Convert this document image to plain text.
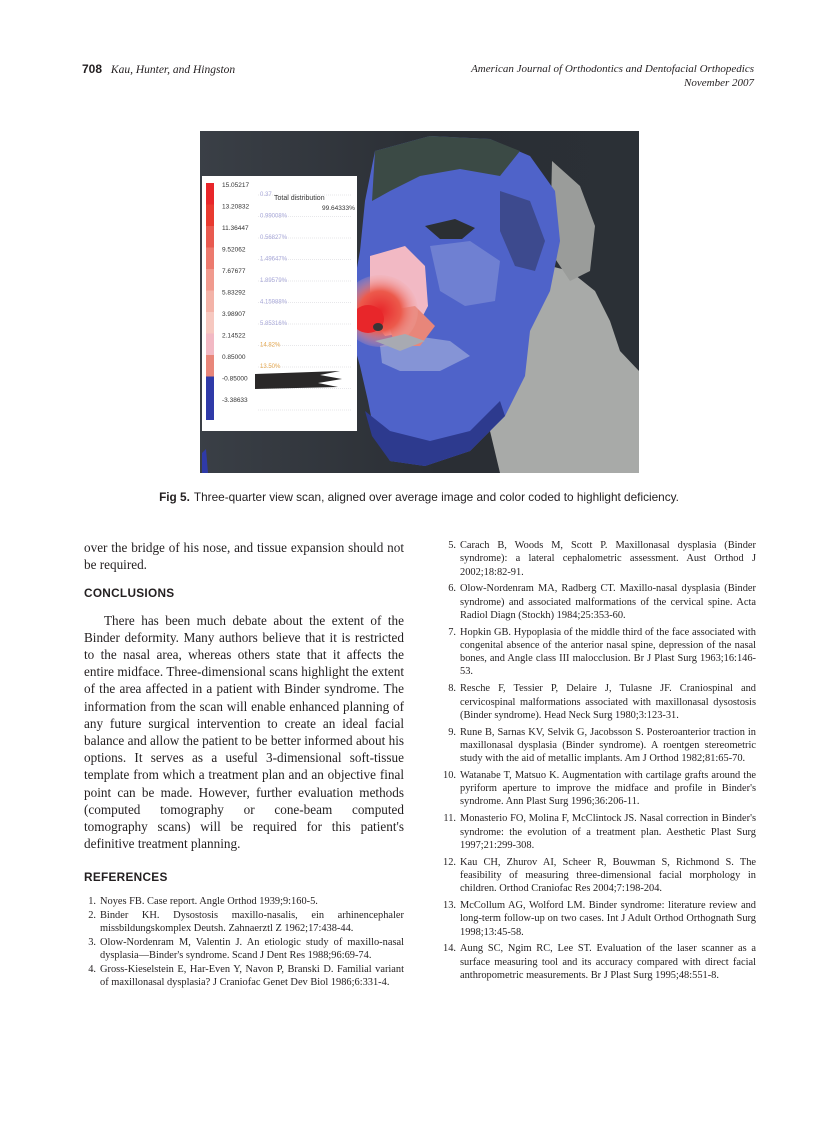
708 Kau, Hunter, and Hingston	American Journal of Orthodontics and Dentofacial Orthopedics
November 2007
15.05217
13.20832
11.36447
9.52062
7.67677
5.83292
3.98907
2.14522
0.85000
-0.85000
-3.38633
0.37
0.99008%
0.56827%
1.49647%
1.89579%
4.15988%
5.85316%
14.82%
13.50%
Total distribution
99.64333%
Fig 5. Three-quarter view scan, aligned over average image and color coded to highlight deficiency.

over the bridge of his nose, and tissue expansion should not be required.

CONCLUSIONS

There has been much debate about the extent of the Binder deformity. Many authors believe that it is restricted to the nasal area, whereas others state that it affects the entire midface. Three-dimensional scans highlight the extent of the area affected in a patient with Binder syndrome. The information from the scan will enable enhanced planning of any future surgical intervention to create an ideal facial balance and allow the patient to be better informed about his options. It serves as a useful 3-dimensional soft-tissue template from which a treatment plan and an objective final point can be made. However, further evaluation methods (computed tomography or cone-beam computed tomography scans) will be required for this patient's definitive treatment planning.

REFERENCES
1. Noyes FB. Case report. Angle Orthod 1939;9:160-5.
2. Binder KH. Dysostosis maxillo-nasalis, ein arhinencephaler missbildungskomplex Deutsh. Zahnaerztl Z 1962;17:438-44.
3. Olow-Nordenram M, Valentin J. An etiologic study of maxillo-nasal dysplasia—Binder's syndrome. Scand J Dent Res 1988;96:69-74.
4. Gross-Kieselstein E, Har-Even Y, Navon P, Branski D. Familial variant of maxillonasal dysplasia? J Craniofac Genet Dev Biol 1986;6:331-4.
5. Carach B, Woods M, Scott P. Maxillonasal dysplasia (Binder syndrome): a lateral cephalometric assessment. Aust Orthod J 2002;18:82-91.
6. Olow-Nordenram MA, Radberg CT. Maxillo-nasal dysplasia (Binder syndrome) and associated malformations of the cervical spine. Acta Radiol Diagn (Stockh) 1984;25:353-60.
7. Hopkin GB. Hypoplasia of the middle third of the face associated with congenital absence of the anterior nasal spine, depression of the nasal bones, and Angle class III malocclusion. Br J Plast Surg 1963;16:146-53.
8. Resche F, Tessier P, Delaire J, Tulasne JF. Craniospinal and cervicospinal malformations associated with maxillonasal dysostosis (Binder syndrome). Head Neck Surg 1980;3:123-31.
9. Rune B, Sarnas KV, Selvik G, Jacobsson S. Posteroanterior traction in maxillonasal dysplasia (Binder syndrome). A roentgen stereometric study with the aid of metallic implants. Am J Orthod 1982;81:65-70.
10. Watanabe T, Matsuo K. Augmentation with cartilage grafts around the pyriform aperture to improve the midface and profile in Binder's syndrome. Ann Plast Surg 1996;36:206-11.
11. Monasterio FO, Molina F, McClintock JS. Nasal correction in Binder's syndrome: the evolution of a treatment plan. Aesthetic Plast Surg 1997;21:299-308.
12. Kau CH, Zhurov AI, Scheer R, Bouwman S, Richmond S. The feasibility of measuring three-dimensional facial morphology in children. Orthod Craniofac Res 2004;7:198-204.
13. McCollum AG, Wolford LM. Binder syndrome: literature review and long-term follow-up on two cases. Int J Adult Orthod Orthognath Surg 1998;13:45-58.
14. Aung SC, Ngim RC, Lee ST. Evaluation of the laser scanner as a surface measuring tool and its accuracy compared with direct facial anthropometric measurements. Br J Plast Surg 1995;48:551-8.
